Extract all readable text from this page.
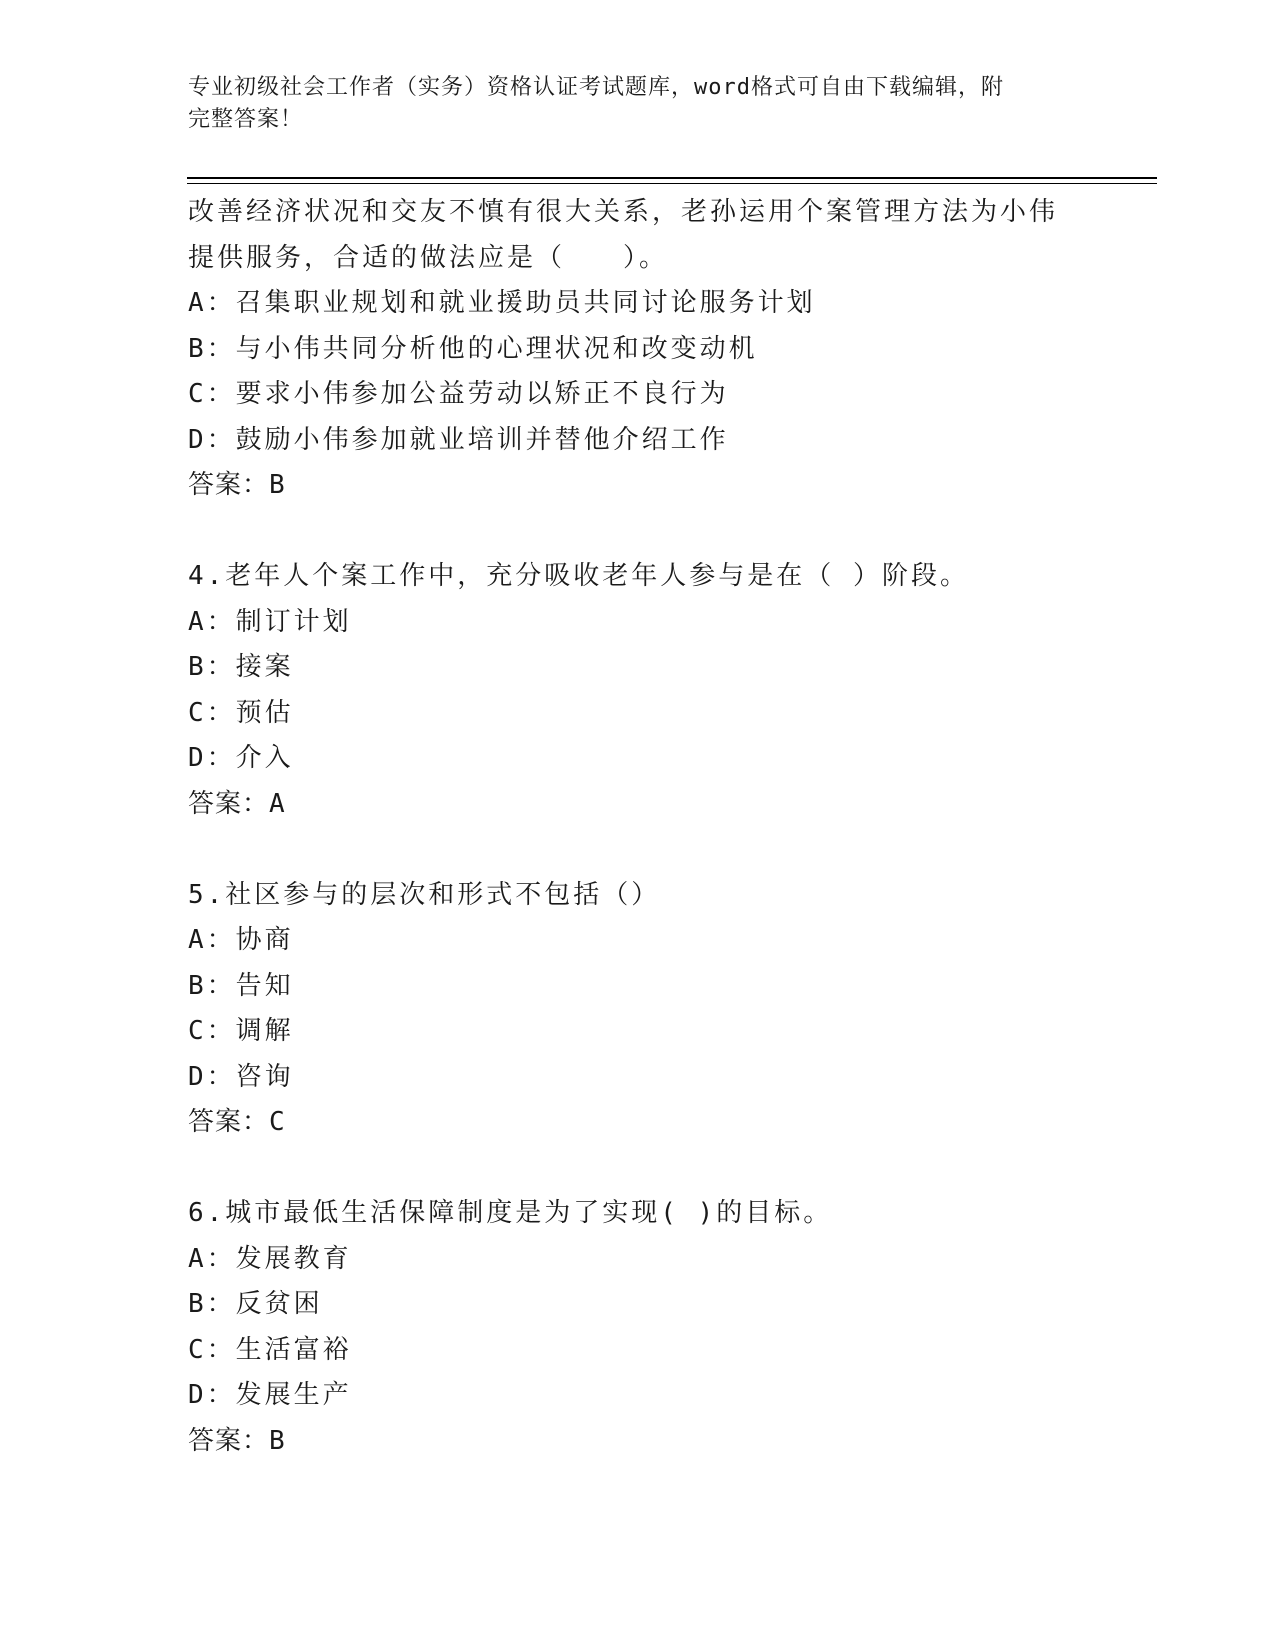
专业初级社会工作者（实务）资格认证考试题库，word格式可自由下载编辑，附
完整答案！
改善经济状况和交友不慎有很大关系，老孙运用个案管理方法为小伟
提供服务，合适的做法应是（　　）。
A：召集职业规划和就业援助员共同讨论服务计划
B：与小伟共同分析他的心理状况和改变动机
C：要求小伟参加公益劳动以矫正不良行为
D：鼓励小伟参加就业培训并替他介绍工作
答案：B
4.老年人个案工作中，充分吸收老年人参与是在（ ）阶段。
A：制订计划
B：接案
C：预估
D：介入
答案：A
5.社区参与的层次和形式不包括（）
A：协商
B：告知
C：调解
D：咨询
答案：C
6.城市最低生活保障制度是为了实现( )的目标。
A：发展教育
B：反贫困
C：生活富裕
D：发展生产
答案：B
